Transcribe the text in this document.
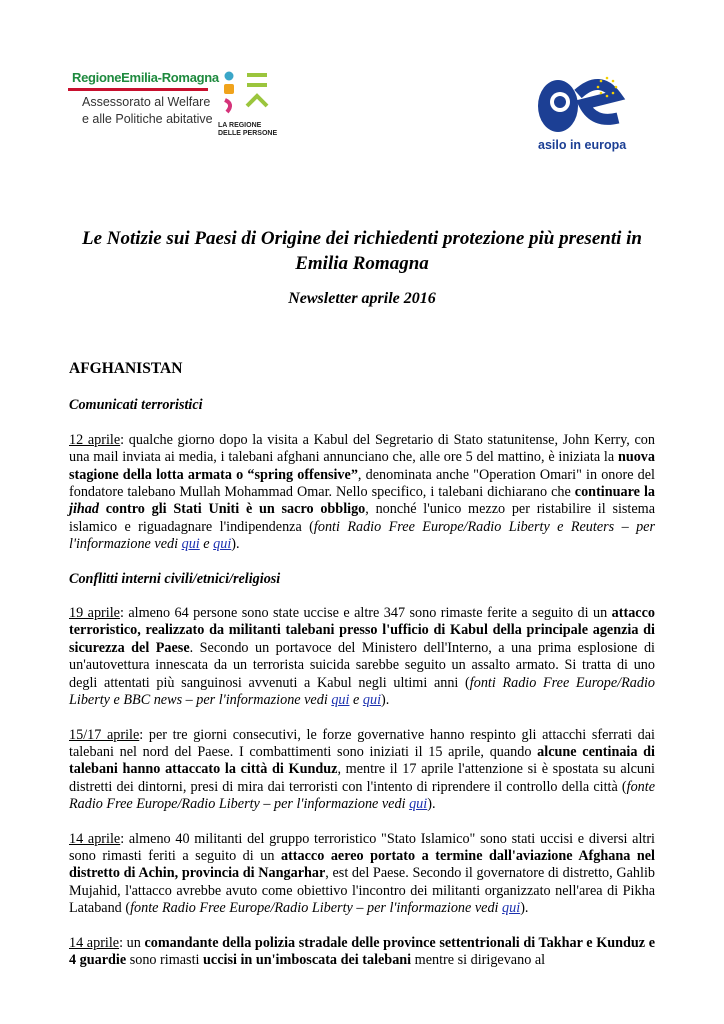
RegioneEmilia-Romagna
Assessorato al Welfare
e alle Politiche abitative LA REGIONE
DELLE PERSONE
asilo in europa
Le Notizie sui Paesi di Origine dei richiedenti protezione più presenti in Emilia Romagna
Newsletter aprile 2016
AFGHANISTAN
Comunicati terroristici

12 aprile: qualche giorno dopo la visita a Kabul del Segretario di Stato statunitense, John Kerry, con una mail inviata ai media, i talebani afghani annunciano che, alle ore 5 del mattino, è iniziata la nuova stagione della lotta armata o “spring offensive”, denominata anche "Operation Omari" in onore del fondatore talebano Mullah Mohammad Omar. Nello specifico, i talebani dichiarano che continuare la jihad contro gli Stati Uniti è un sacro obbligo, nonché l'unico mezzo per ristabilire il sistema islamico e riguadagnare l'indipendenza (fonti Radio Free Europe/Radio Liberty e Reuters – per l'informazione vedi qui e qui).

Conflitti interni civili/etnici/religiosi

19 aprile: almeno 64 persone sono state uccise e altre 347 sono rimaste ferite a seguito di un attacco terroristico, realizzato da militanti talebani presso l'ufficio di Kabul della principale agenzia di sicurezza del Paese. Secondo un portavoce del Ministero dell'Interno, a una prima esplosione di un'autovettura innescata da un terrorista suicida sarebbe seguito un assalto armato. Si tratta di uno degli attentati più sanguinosi avvenuti a Kabul negli ultimi anni (fonti Radio Free Europe/Radio Liberty e BBC news – per l'informazione vedi qui e qui).

15/17 aprile: per tre giorni consecutivi, le forze governative hanno respinto gli attacchi sferrati dai talebani nel nord del Paese. I combattimenti sono iniziati il 15 aprile, quando alcune centinaia di talebani hanno attaccato la città di Kunduz, mentre il 17 aprile l'attenzione si è spostata su alcuni distretti dei dintorni, presi di mira dai terroristi con l'intento di riprendere il controllo della città (fonte Radio Free Europe/Radio Liberty – per l'informazione vedi qui).

14 aprile: almeno 40 militanti del gruppo terroristico "Stato Islamico" sono stati uccisi e diversi altri sono rimasti feriti a seguito di un attacco aereo portato a termine dall'aviazione Afghana nel distretto di Achin, provincia di Nangarhar, est del Paese. Secondo il governatore di distretto, Gahlib Mujahid, l'attacco avrebbe avuto come obiettivo l'incontro dei militanti organizzato nell'area di Pikha Lataband (fonte Radio Free Europe/Radio Liberty – per l'informazione vedi qui).

14 aprile: un comandante della polizia stradale delle province settentrionali di Takhar e Kunduz e 4 guardie sono rimasti uccisi in un'imboscata dei talebani mentre si dirigevano al
